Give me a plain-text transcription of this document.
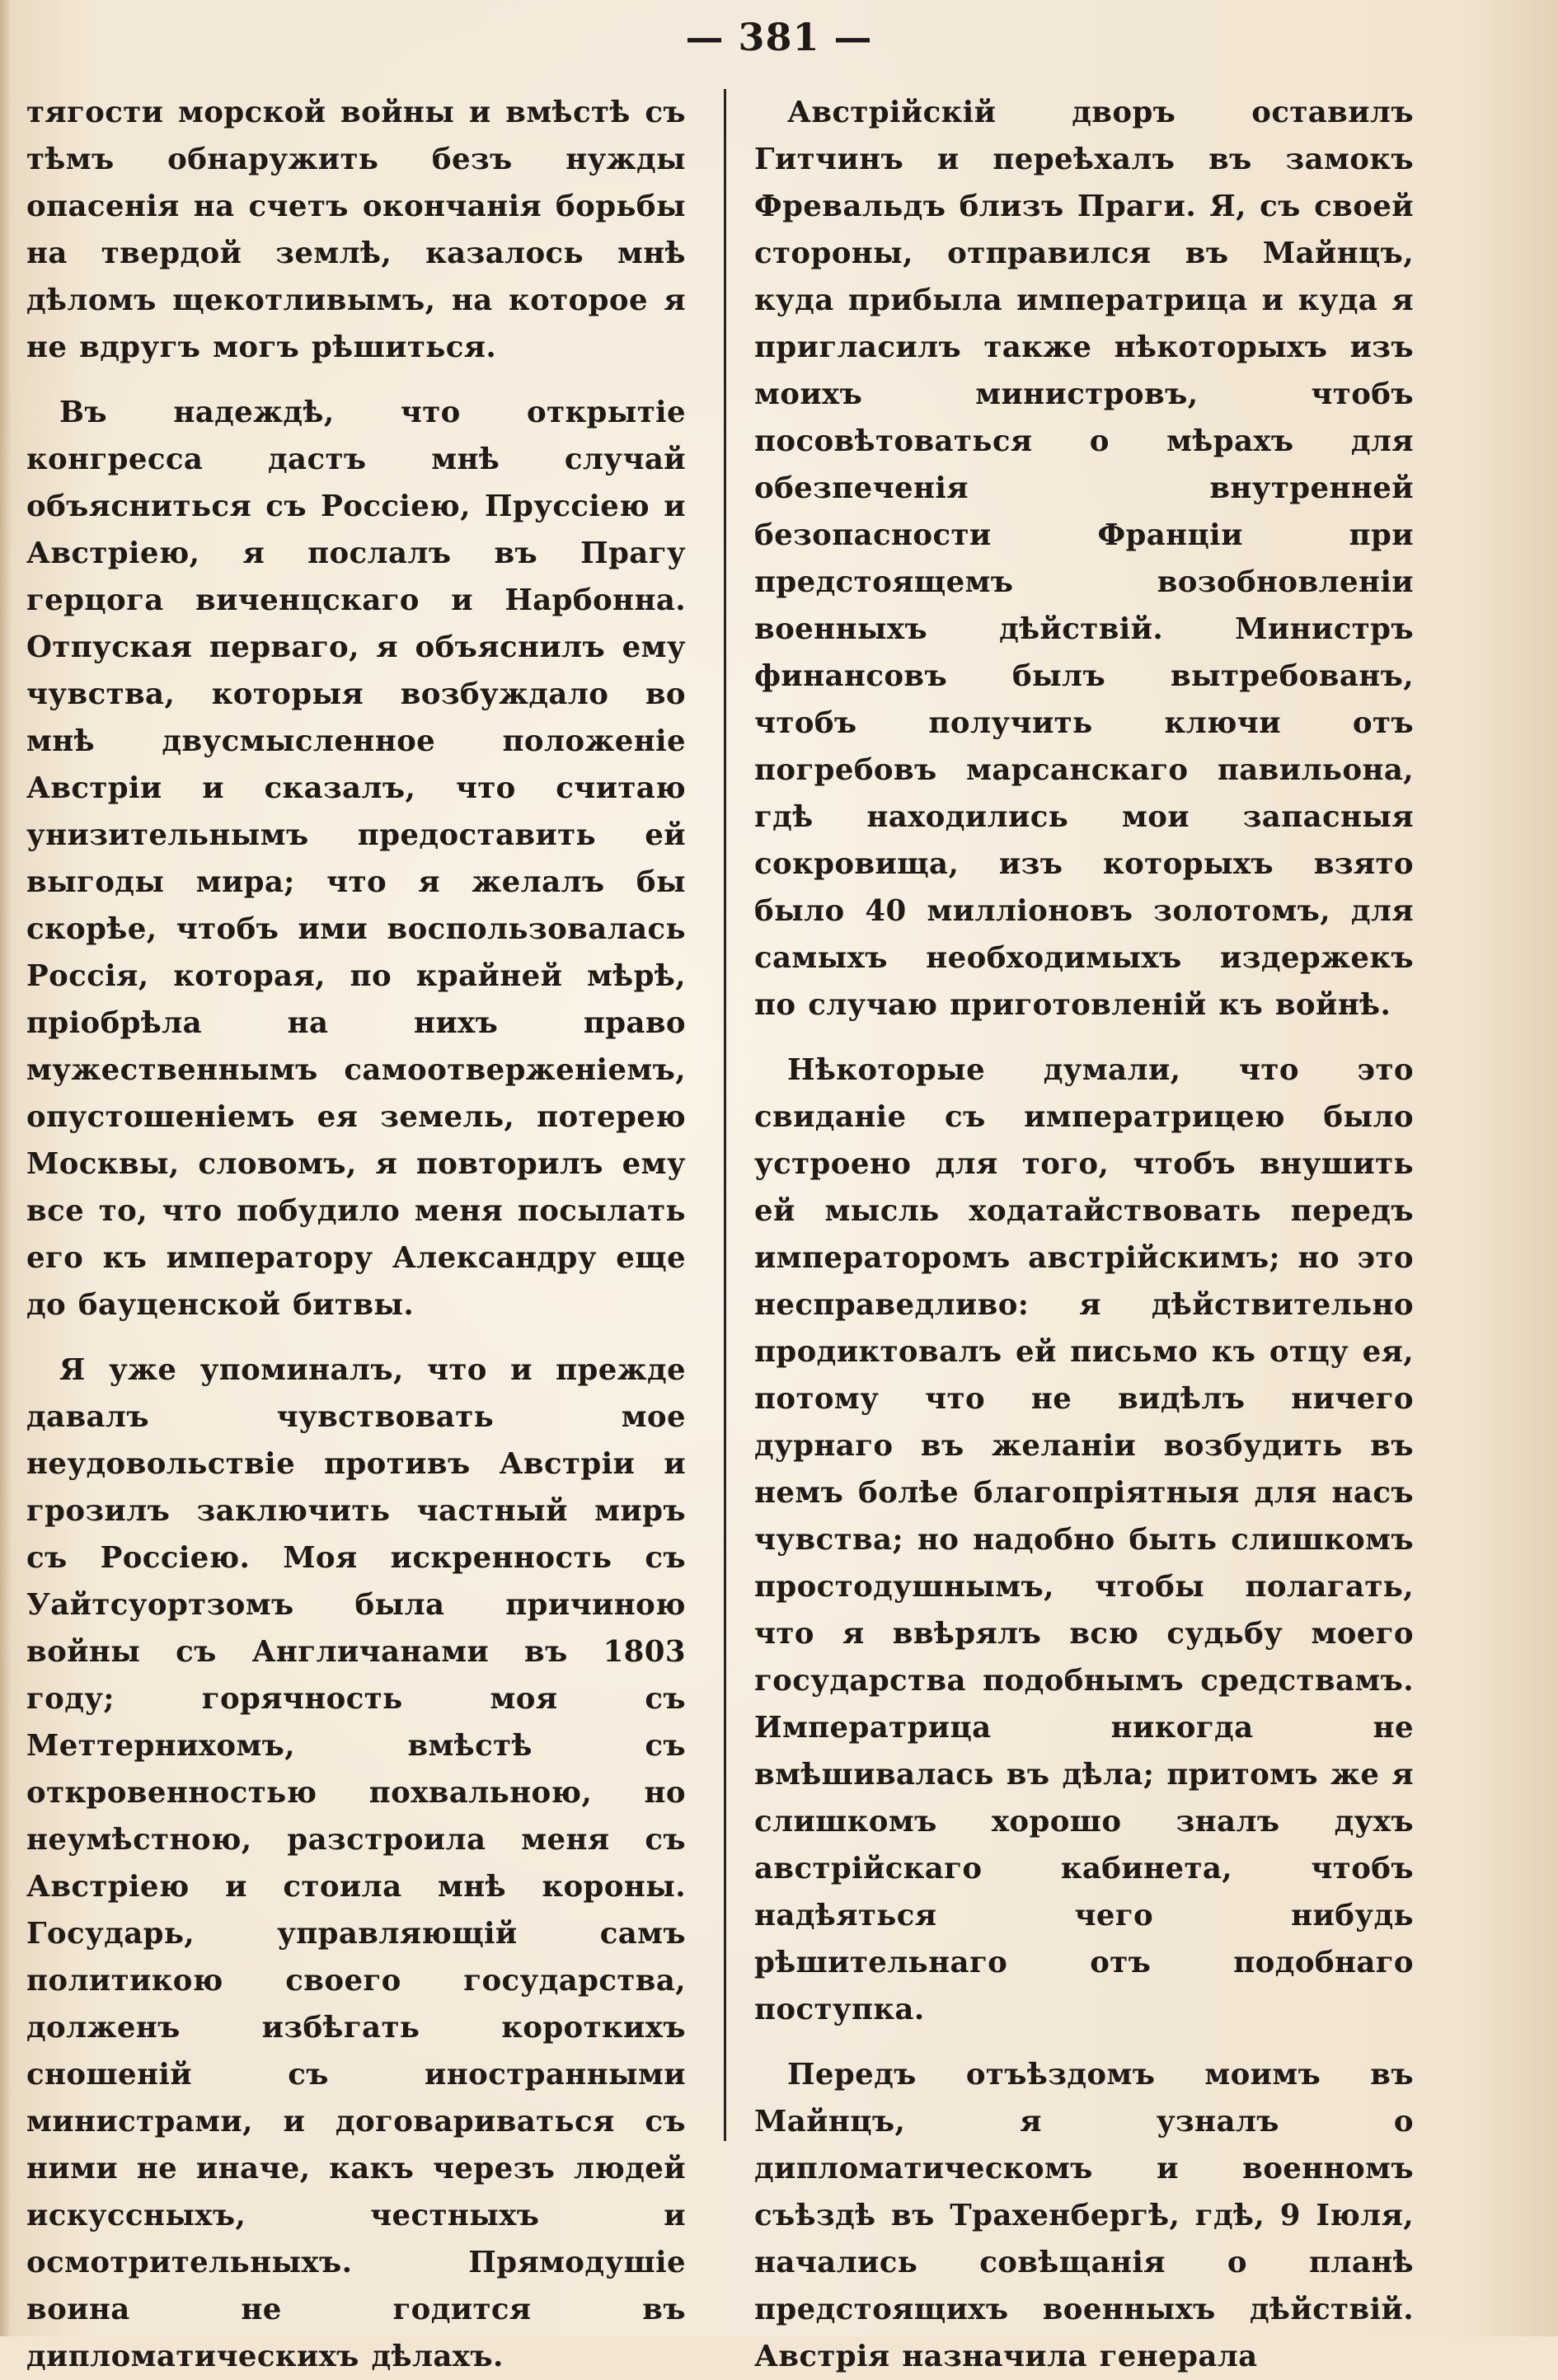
— 381 —

тягости морской войны и вмѣстѣ съ тѣмъ обнаружить безъ нужды опасенія на счетъ окончанія борьбы на твердой землѣ, казалось мнѣ дѣломъ щекотливымъ, на которое я не вдругъ могъ рѣшиться.

Въ надеждѣ, что открытіе конгресса дастъ мнѣ случай объясниться съ Россіею, Пруссіею и Австріею, я послалъ въ Прагу герцога виченцскаго и Нарбонна. Отпуская перваго, я объяснилъ ему чувства, которыя возбуждало во мнѣ двусмысленное положеніе Австріи и сказалъ, что считаю унизительнымъ предоставить ей выгоды мира; что я желалъ бы скорѣе, чтобъ ими воспользовалась Россія, которая, по крайней мѣрѣ, пріобрѣла на нихъ право мужественнымъ самоотверженіемъ, опустошеніемъ ея земель, потерею Москвы, словомъ, я повторилъ ему все то, что побудило меня посылать его къ императору Александру еще до бауценской битвы.

Я уже упоминалъ, что и прежде давалъ чувствовать мое неудовольствіе противъ Австріи и грозилъ заключить частный миръ съ Россіею. Моя искренность съ Уайтсуортзомъ была причиною войны съ Англичанами въ 1803 году; горячность моя съ Меттернихомъ, вмѣстѣ съ откровенностью похвальною, но неумѣстною, разстроила меня съ Австріею и стоила мнѣ короны. Государь, управляющій самъ политикою своего государства, долженъ избѣгать короткихъ сношеній съ иностранными министрами, и договариваться съ ними не иначе, какъ черезъ людей искусcныхъ, честныхъ и осмотрительныхъ. Прямодушіе воина не годится въ дипломатическихъ дѣлахъ.

Австрійскій дворъ оставилъ Гитчинъ и переѣхалъ въ замокъ Фревальдъ близъ Праги. Я, съ своей стороны, отправился въ Майнцъ, куда прибыла императрица и куда я пригласилъ также нѣкоторыхъ изъ моихъ министровъ, чтобъ посовѣтоваться о мѣрахъ для обезпеченія внутренней безопасности Франціи при предстоящемъ возобновленіи военныхъ дѣйствій. Министръ финансовъ былъ вытребованъ, чтобъ получить ключи отъ погребовъ марсанскаго павильона, гдѣ находились мои запасныя сокровища, изъ которыхъ взято было 40 милліоновъ золотомъ, для самыхъ необходимыхъ издержекъ по случаю приготовленій къ войнѣ.

Нѣкоторые думали, что это свиданіе съ императрицею было устроено для того, чтобъ внушить ей мысль ходатайствовать передъ императоромъ австрійскимъ; но это несправедливо: я дѣйствительно продиктовалъ ей письмо къ отцу ея, потому что не видѣлъ ничего дурнаго въ желаніи возбудить въ немъ болѣе благопріятныя для насъ чувства; но надобно быть слишкомъ простодушнымъ, чтобы полагать, что я ввѣрялъ всю судьбу моего государства подобнымъ средствамъ. Императрица никогда не вмѣшивалась въ дѣла; притомъ же я слишкомъ хорошо зналъ духъ австрійскаго кабинета, чтобъ надѣяться чего нибудь рѣшительнаго отъ подобнаго поступка.

Передъ отъѣздомъ моимъ въ Майнцъ, я узналъ о дипломатическомъ и военномъ съѣздѣ въ Трахенбергѣ, гдѣ, 9 Іюля, начались совѣщанія о планѣ предстоящихъ военныхъ дѣйствій. Австрія назначила генерала
